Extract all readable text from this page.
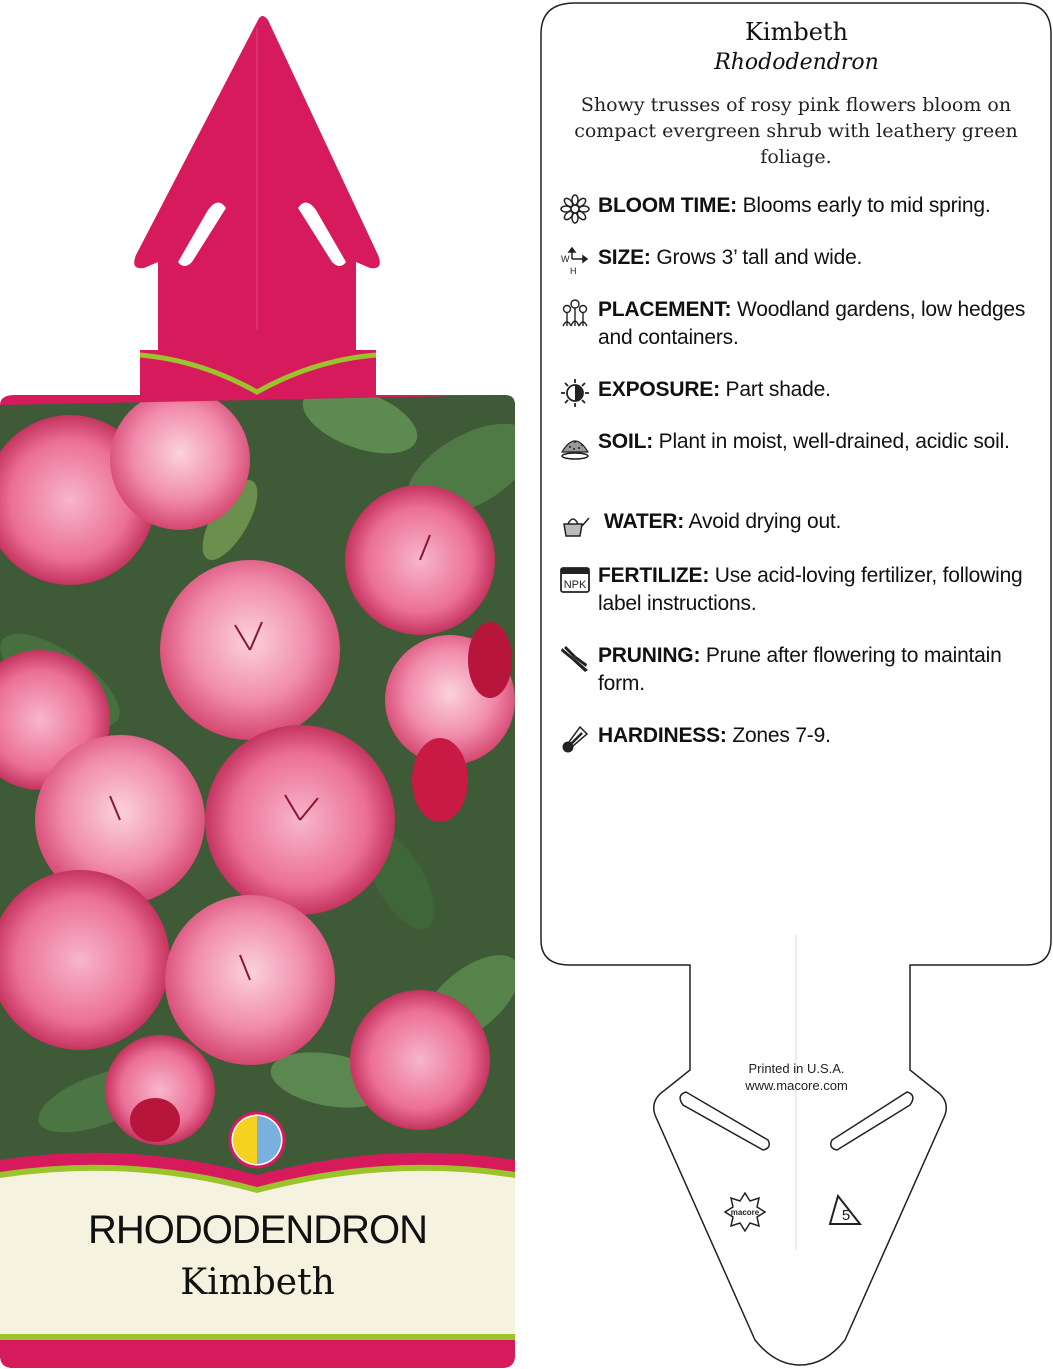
RHODODENDRON
Kimbeth
macore	5
Kimbeth
Rhododendron
Showy trusses of rosy pink flowers bloom on compact evergreen shrub with leathery green foliage.
BLOOM TIME: Blooms early to mid spring.
W
H
SIZE: Grows 3’ tall and wide.
PLACEMENT: Woodland gardens, low hedges and containers.
EXPOSURE: Part shade.
SOIL: Plant in moist, well-drained, acidic soil.
WATER: Avoid drying out.
NPK FERTILIZE: Use acid-loving fertilizer, following label instructions.
PRUNING: Prune after flowering to maintain form.
HARDINESS: Zones 7-9.
Printed in U.S.A.
www.macore.com
